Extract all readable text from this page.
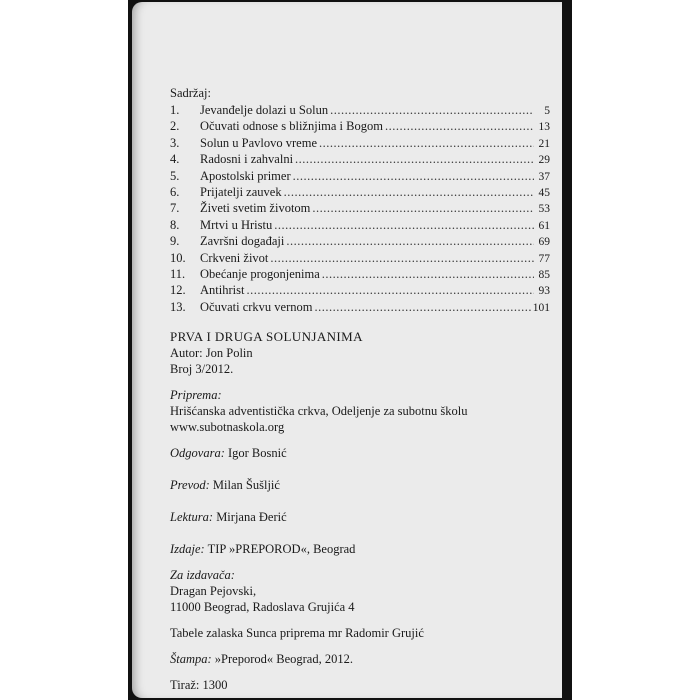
Sadržaj:
1.	Jevanđelje dolazi u Solun .....	5
2.	Očuvati odnose s bližnjima i Bogom .....	13
3.	Solun u Pavlovo vreme .....	21
4.	Radosni i zahvalni .....	29
5.	Apostolski primer .....	37
6.	Prijatelji zauvek .....	45
7.	Živeti svetim životom .....	53
8.	Mrtvi u Hristu .....	61
9.	Završni događaji .....	69
10.	Crkveni život .....	77
11.	Obećanje progonjenima .....	85
12.	Antihrist .....	93
13.	Očuvati crkvu vernom .....	101
PRVA I DRUGA SOLUNJANIMA
Autor: Jon Polin
Broj 3/2012.
Priprema:
Hrišćanska adventistička crkva, Odeljenje za subotnu školu
www.subotnaskola.org
Odgovara: Igor Bosnić
Prevod: Milan Šušljić
Lektura: Mirjana Đerić
Izdaje: TIP »PREPOROD«, Beograd
Za izdavača:
Dragan Pejovski,
11000 Beograd, Radoslava Grujića 4
Tabele zalaska Sunca priprema mr Radomir Grujić
Štampa: »Preporod« Beograd, 2012.
Tiraž: 1300
